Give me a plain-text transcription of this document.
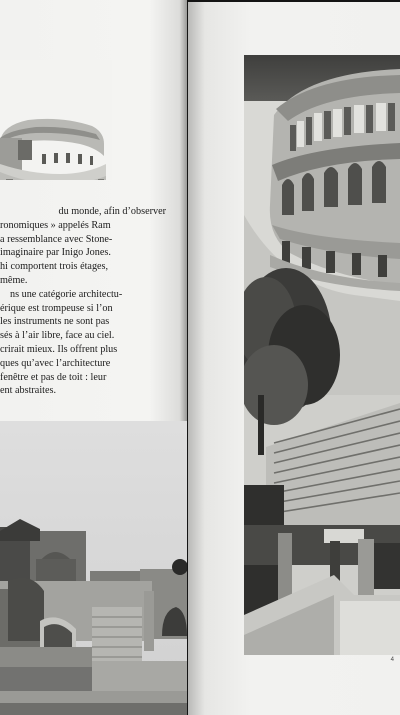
du monde, afin d’observer
ronomiques » appelés Ram
a ressemblance avec Stone-
imaginaire par Inigo Jones.
hi comportent trois étages,
même.
ns une catégorie architectu-
érique est trompeuse si l’on
les instruments ne sont pas
sés à l’air libre, face au ciel.
crirait mieux. Ils offrent plus
ques qu’avec l’architecture
fenêtre et pas de toit : leur
ent abstraites.
4
